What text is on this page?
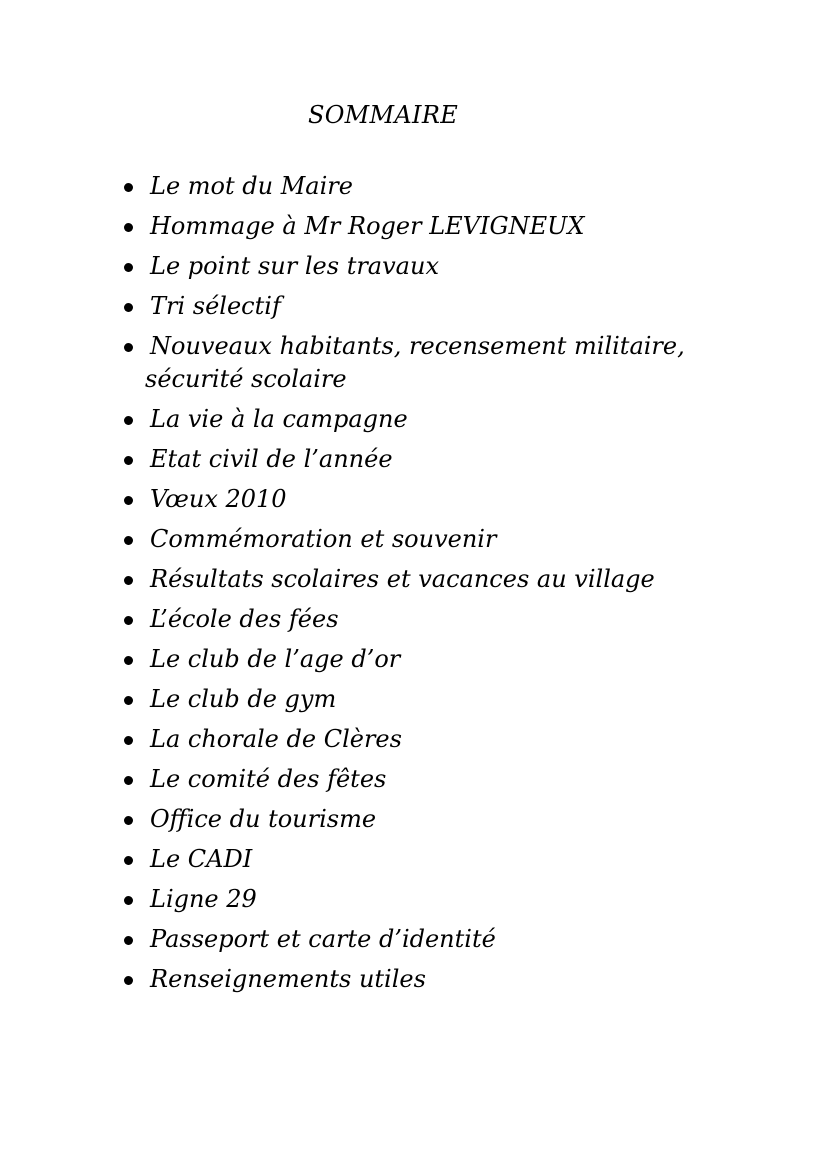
SOMMAIRE
Le mot du Maire
Hommage à Mr Roger LEVIGNEUX
Le point sur les travaux
Tri sélectif
Nouveaux habitants, recensement militaire,
sécurité scolaire
La vie à la campagne
Etat civil de l’année
Vœux 2010
Commémoration et souvenir
Résultats scolaires et vacances au village
L’école des fées
Le club de l’age d’or
Le club de gym
La chorale de Clères
Le comité des fêtes
Office du tourisme
Le CADI
Ligne 29
Passeport et carte d’identité
Renseignements utiles
